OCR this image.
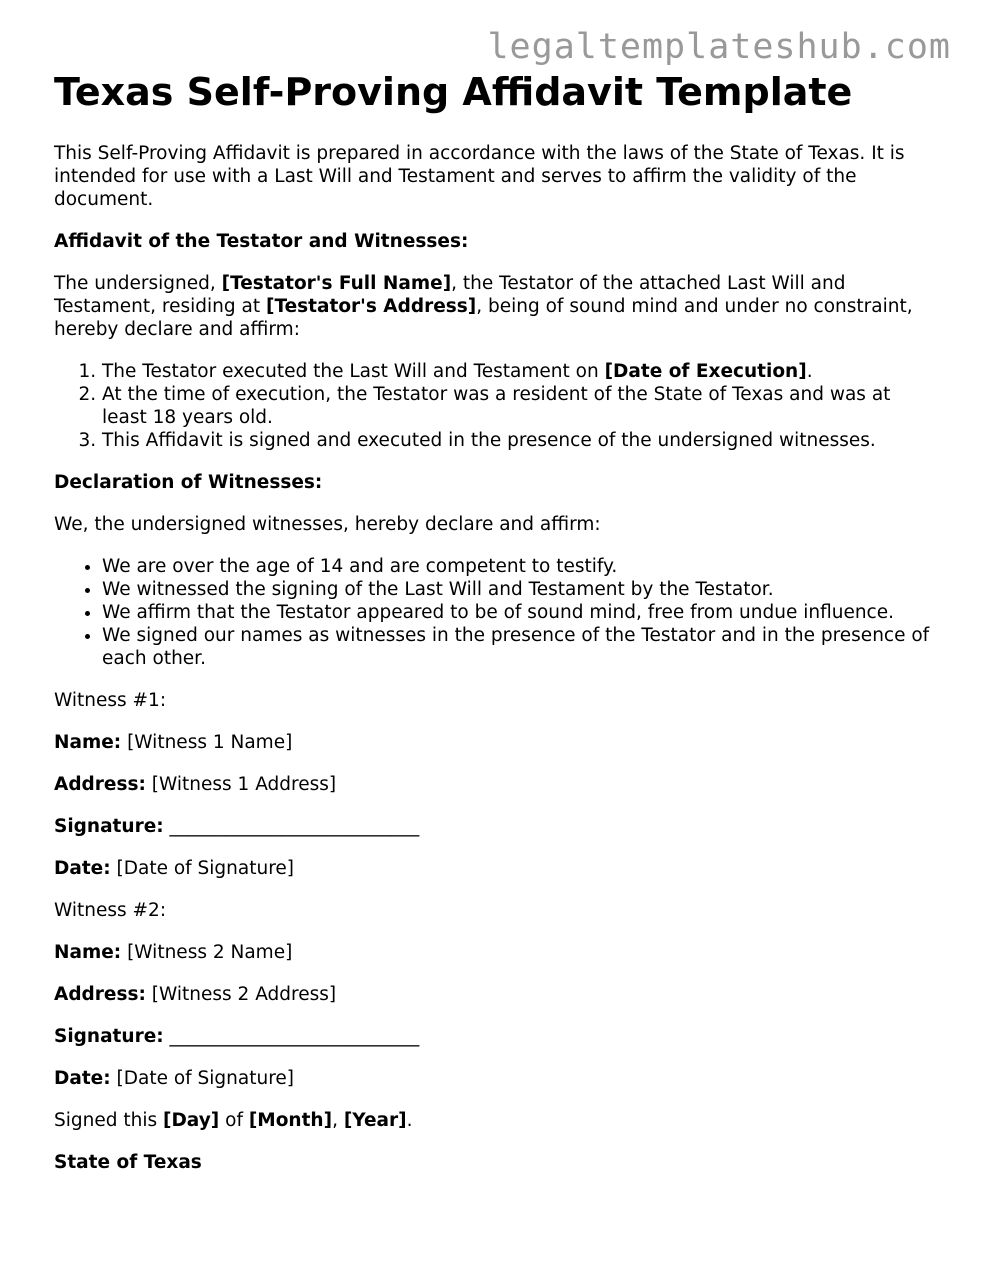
legaltemplateshub.com
Texas Self-Proving Affidavit Template

This Self-Proving Affidavit is prepared in accordance with the laws of the State of Texas. It is intended for use with a Last Will and Testament and serves to affirm the validity of the document.

Affidavit of the Testator and Witnesses:

The undersigned, [Testator's Full Name], the Testator of the attached Last Will and Testament, residing at [Testator's Address], being of sound mind and under no constraint, hereby declare and affirm:

1. The Testator executed the Last Will and Testament on [Date of Execution].
2. At the time of execution, the Testator was a resident of the State of Texas and was at least 18 years old.
3. This Affidavit is signed and executed in the presence of the undersigned witnesses.

Declaration of Witnesses:

We, the undersigned witnesses, hereby declare and affirm:

• We are over the age of 14 and are competent to testify.
• We witnessed the signing of the Last Will and Testament by the Testator.
• We affirm that the Testator appeared to be of sound mind, free from undue influence.
• We signed our names as witnesses in the presence of the Testator and in the presence of each other.

Witness #1:

Name: [Witness 1 Name]

Address: [Witness 1 Address]

Signature: ___________________________

Date: [Date of Signature]

Witness #2:

Name: [Witness 2 Name]

Address: [Witness 2 Address]

Signature: ___________________________

Date: [Date of Signature]

Signed this [Day] of [Month], [Year].

State of Texas
